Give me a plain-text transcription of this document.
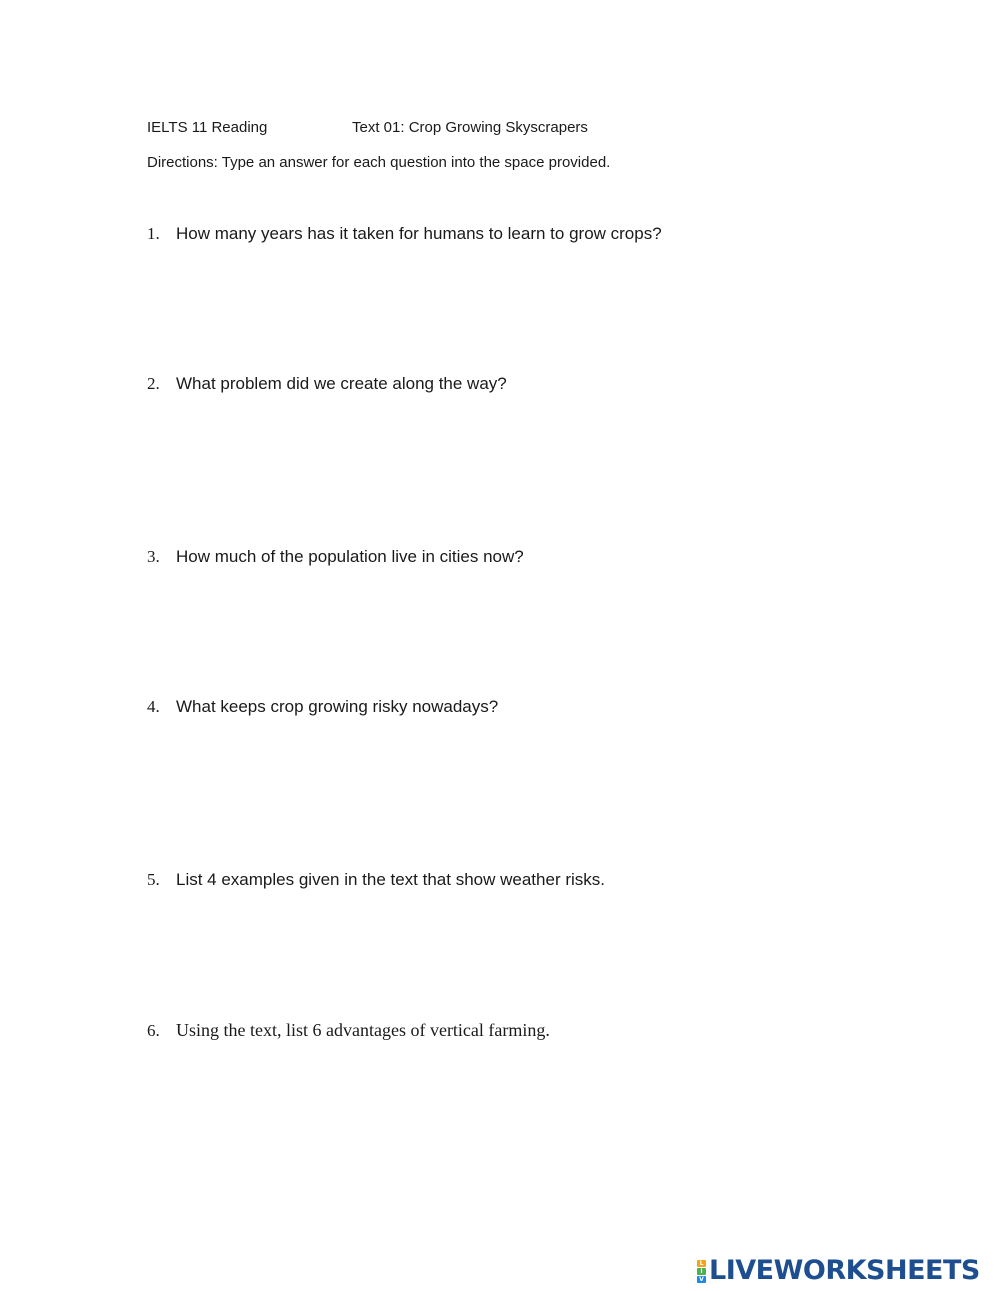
IELTS 11 Reading	Text 01: Crop Growing Skyscrapers
Directions: Type an answer for each question into the space provided.
1. How many years has it taken for humans to learn to grow crops?
2. What problem did we create along the way?
3. How much of the population live in cities now?
4. What keeps crop growing risky nowadays?
5. List 4 examples given in the text that show weather risks.
6. Using the text, list 6 advantages of vertical farming.
L
I
V LIVEWORKSHEETS
